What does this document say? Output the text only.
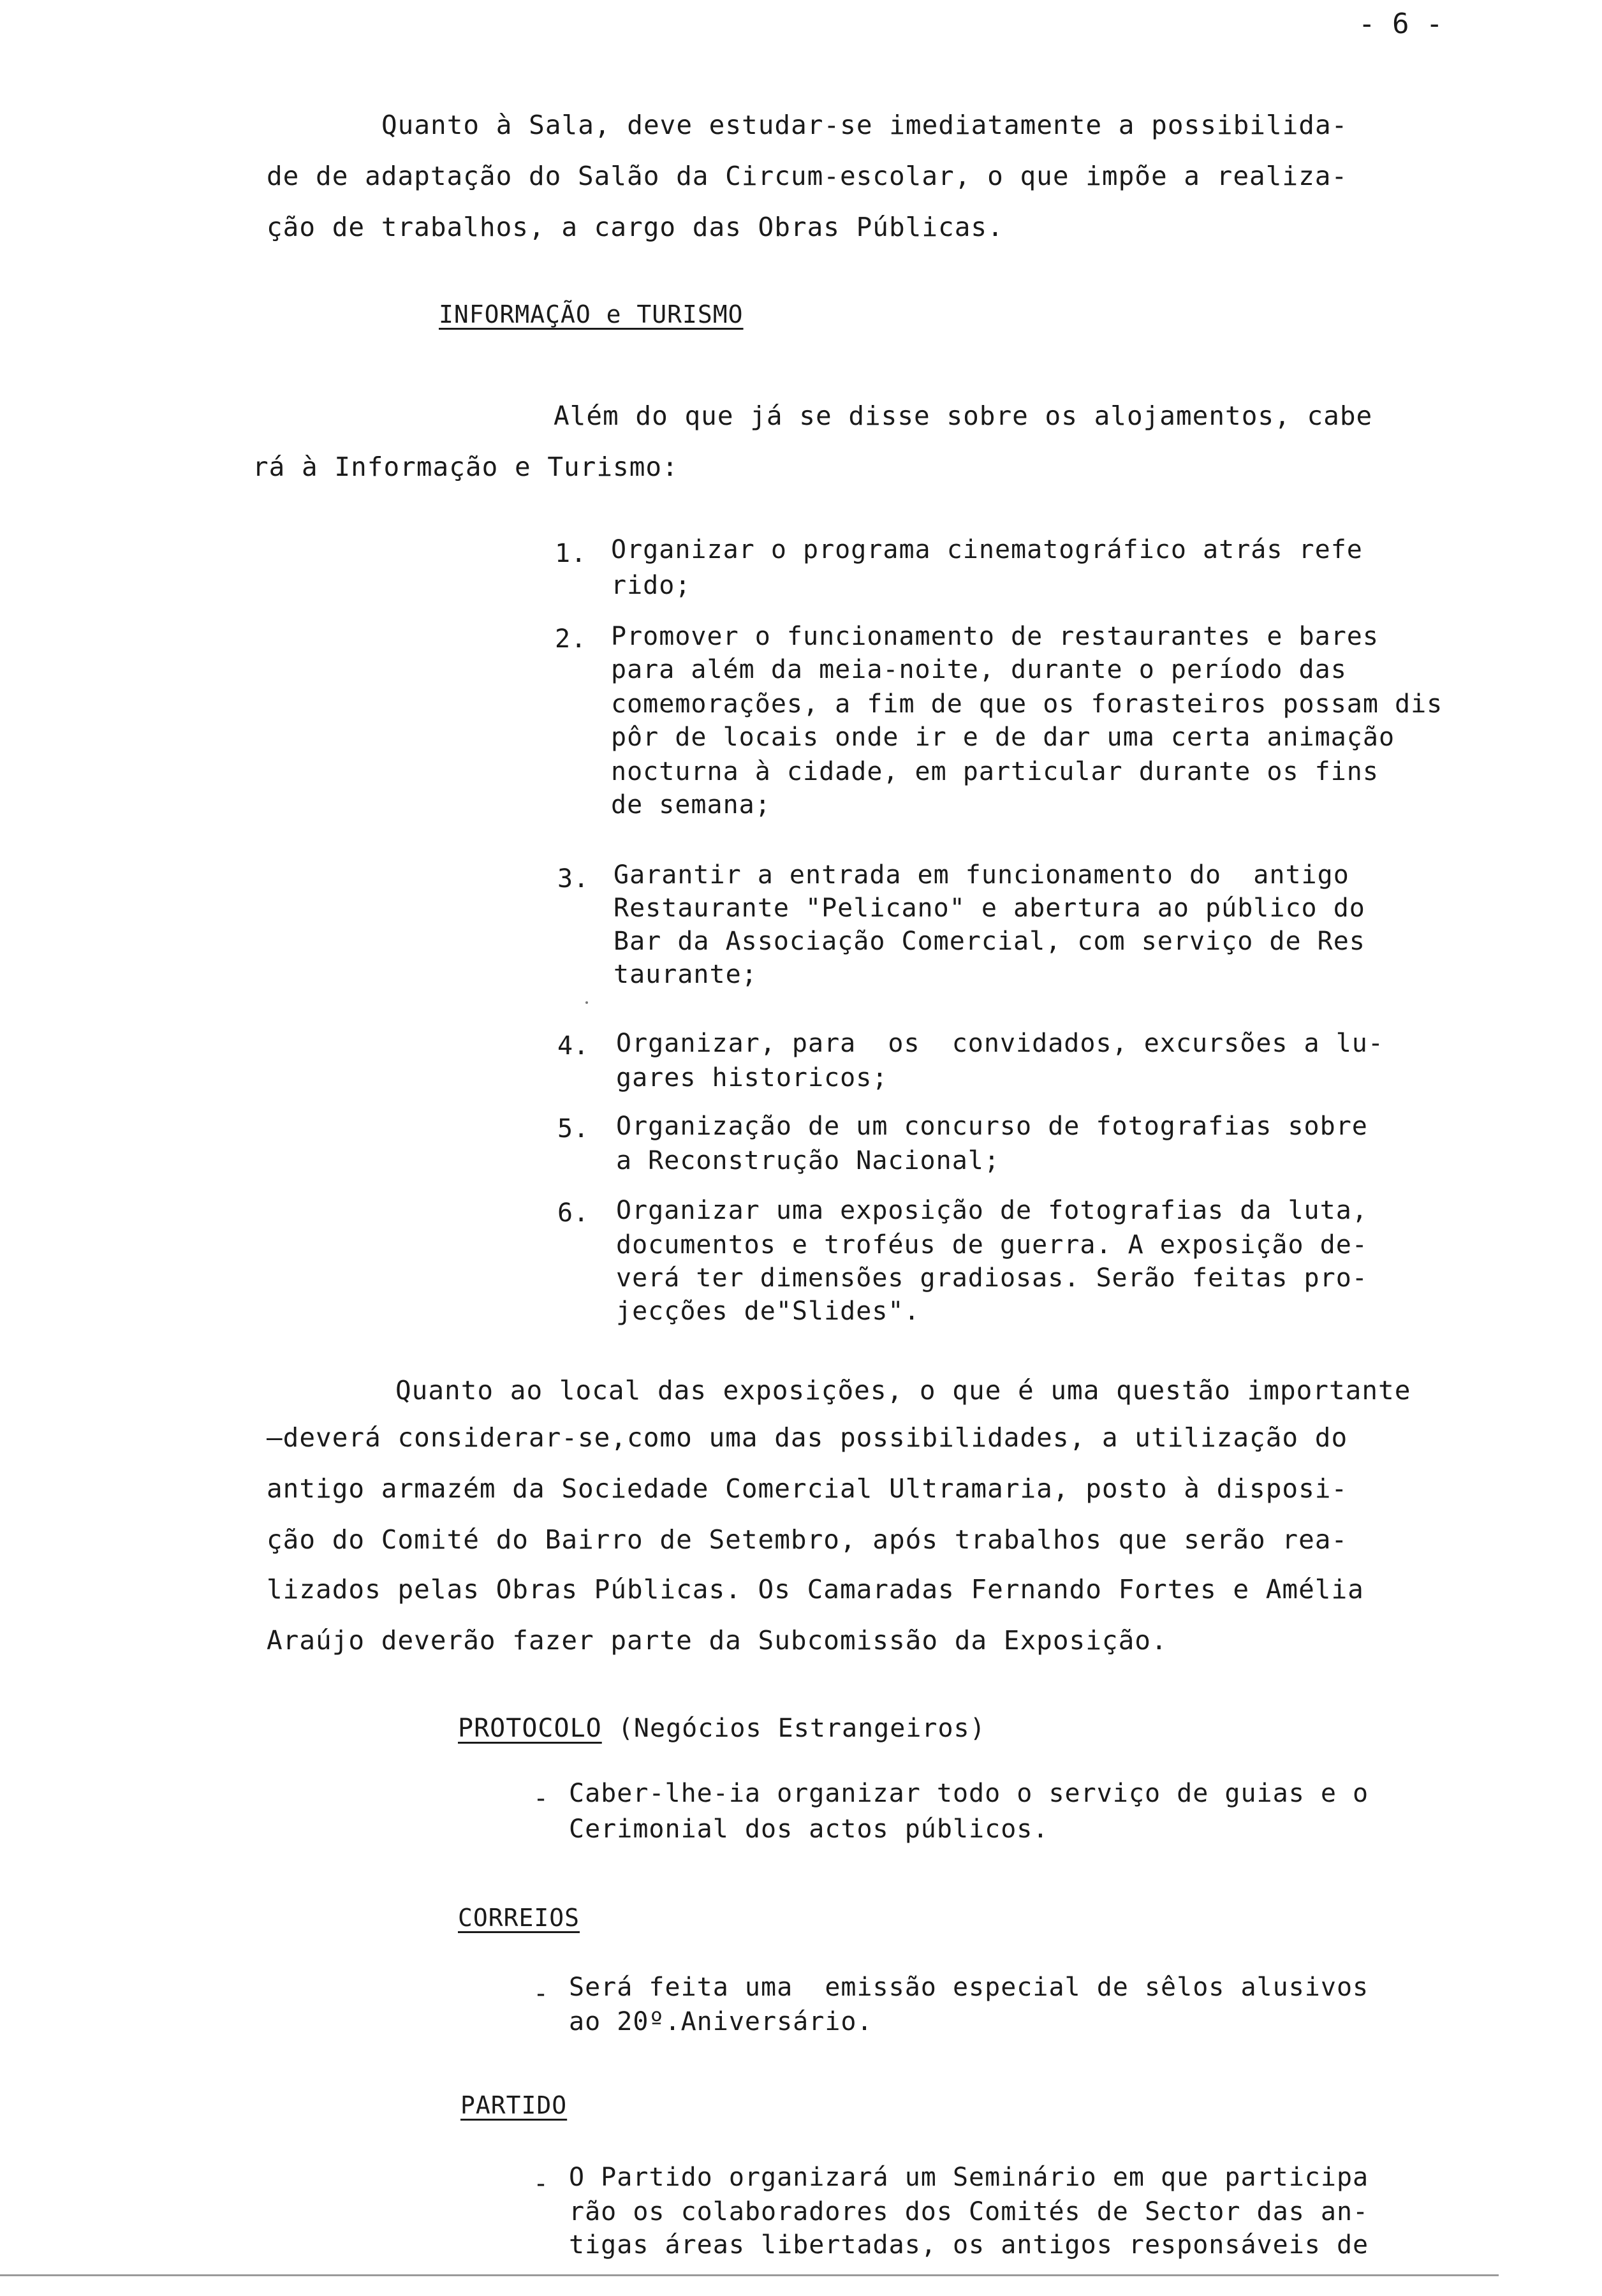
- 6 -
Quanto à Sala, deve estudar-se imediatamente a possibilida-
de de adaptação do Salão da Circum-escolar, o que impõe a realiza-
ção de trabalhos, a cargo das Obras Públicas.
INFORMAÇÃO e TURISMO
Além do que já se disse sobre os alojamentos, cabe
rá à Informação e Turismo:
1. Organizar o programa cinematográfico atrás refe
rido;
2. Promover o funcionamento de restaurantes e bares
para além da meia-noite, durante o período das
comemorações, a fim de que os forasteiros possam dis
pôr de locais onde ir e de dar uma certa animação
nocturna à cidade, em particular durante os fins
de semana;
3. Garantir a entrada em funcionamento do  antigo
Restaurante "Pelicano" e abertura ao público do
Bar da Associação Comercial, com serviço de Res
taurante;
4. Organizar, para  os  convidados, excursões a lu-
gares historicos;
5. Organização de um concurso de fotografias sobre
a Reconstrução Nacional;
6. Organizar uma exposição de fotografias da luta,
documentos e troféus de guerra. A exposição de-
verá ter dimensões gradiosas. Serão feitas pro-
jecções de"Slides".
Quanto ao local das exposições, o que é uma questão importante
—deverá considerar-se,como uma das possibilidades, a utilização do
antigo armazém da Sociedade Comercial Ultramaria, posto à disposi-
ção do Comité do Bairro de Setembro, após trabalhos que serão rea-
lizados pelas Obras Públicas. Os Camaradas Fernando Fortes e Amélia
Araújo deverão fazer parte da Subcomissão da Exposição.
PROTOCOLO (Negócios Estrangeiros)
- Caber-lhe-ia organizar todo o serviço de guias e o
Cerimonial dos actos públicos.
CORREIOS
- Será feita uma  emissão especial de sêlos alusivos
ao 20º.Aniversário.
PARTIDO
- O Partido organizará um Seminário em que participa
rão os colaboradores dos Comités de Sector das an-
tigas áreas libertadas, os antigos responsáveis de
